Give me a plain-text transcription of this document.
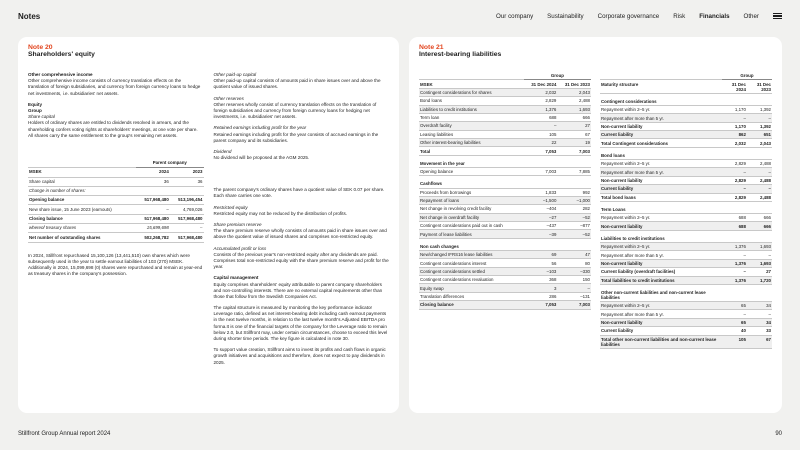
Notes	Our company Sustainability Corporate governance Risk Financials Other
Note 20
Shareholders' equity

Other comprehensive income

Other comprehensive income consists of currency translation effects on the translation of foreign subsidiaries, and currency from foreign currency loans to hedge net investments, i.e. subsidiaries' net assets.

Equity

Group

Share capital

Holders of ordinary shares are entitled to dividends resolved in arrears, and the shareholding confers voting rights at shareholders' meetings, at one vote per share. All shares carry the same entitlement to the group's remaining net assets.

	Parent company	
MSEK	2024	2023
Share capital	36	36
Change in number of shares:		
Opening balance	517,968,480	513,196,454
New share issue, 15 June 2023 (earnouts)	–	4,769,026
Closing balance	517,968,480	517,968,480
whereof treasury shares	15,699,698	–
Net number of outstanding shares	502,268,782	517,968,480

In 2024, Stillfront repurchased 15,100,126 (13,441,510) own shares which were subsequently used in the year to settle earnout liabilities of 103 (270) MSEK. Additionally in 2024, 15,099,698 (0) shares were repurchased and remain at year-end as treasury shares in the company's possession.

Other paid-up capital

Other paid-up capital consists of amounts paid in share issues over and above the quotient value of issued shares.

Other reserves

Other reserves wholly consist of currency translation effects on the translation of foreign subsidiaries and currency from foreign currency loans for hedging net investments, i.e. subsidiaries' net assets.

Retained earnings including profit for the year

Retained earnings including profit for the year consists of accrued earnings in the parent company and its subsidiaries.

Dividend

No dividend will be proposed at the AGM 2025.

The parent company's ordinary shares have a quotient value of SEK 0.07 per share. Each share carries one vote.

Restricted equity

Restricted equity may not be reduced by the distribution of profits.

Share premium reserve

The share premium reserve wholly consists of amounts paid in share issues over and above the quotient value of issued shares and comprises non-restricted equity.

Accumulated profit or loss

Consists of the previous year's non-restricted equity after any dividends are paid. Comprises total non-restricted equity with the share premium reserve and profit for the year.

Capital management

Equity comprises shareholders' equity attributable to parent company shareholders and non-controlling interests. There are no external capital requirements other than those that follow from the Swedish Companies Act.

The capital structure is measured by monitoring the key performance indicator Leverage ratio, defined as net interest-bearing debt including cash earnout payments in the next twelve months, in relation to the last twelve month's Adjusted EBITDA pro forma.It is one of the financial targets of the company for the Leverage ratio to remain below 2.0, but Stillfront may, under certain circumstances, choose to exceed this level during shorter time periods. The key figure is calculated in note 30.

To support value creation, Stillfront aims to invest its profits and cash flows in organic growth initiatives and acquisitions and therefore, does not expect to pay dividends in 2025.

Note 21
Interest-bearing liabilities
	Group	
MSEK	31 Dec 2024	31 Dec 2023
Contingent considerations for shares	2,032	2,043
Bond loans	2,829	2,488
Liabilities to credit institutions	1,376	1,693
Term loan	688	666
Overdraft facility	–	27
Leasing liabilities	105	67
Other interest-bearing liabilities	22	19
Total	7,053	7,003
Movement in the year		
Opening balance	7,003	7,885
Cashflows		
Proceeds from borrowings	1,833	992
Repayment of loans	–1,500	–1,000
Net change in revolving credit facility	–404	282
Net change in overdraft facility	–27	–52
Contingent considerations paid out in cash	–437	–877
Payment of lease liabilities	–39	–52
Non cash changes		
New/changed IFRS16 lease liabilities	69	47
Contingent considerations interest	56	80
Contingent considerations settled	–103	–330
Contingent considerations revaluation	368	150
Equity swap	3	–
Translation differences	286	–131
Closing balance	7,053	7,003
	Group	
Maturity structure	31 Dec 2024	31 Dec 2023
Contingent considerations		
Repayment within 2–5 yr.	1,170	1,392
Repayment after more than 5 yr.	–	–
Non-current liability	1,170	1,392
Current liability	862	651
Total Contingent considerations	2,032	2,043
Bond loans		
Repayment within 2–5 yr.	2,829	2,488
Repayment after more than 5 yr.	–	–
Non-current liability	2,829	2,488
Current liability	–	–
Total bond loans	2,829	2,488
Term Loans		
Repayment within 2–5 yr.	688	666
Non-current liability	688	666
Liabilities to credit institutions		
Repayment within 2–5 yr.	1,376	1,693
Repayment after more than 5 yr.	–	–
Non-current liability	1,376	1,693
Current liability (overdraft facilities)	–	27
Total liabilities to credit institutions	1,376	1,720
Other non-current liabilities and non-current lease liabilities		
Repayment within 2–5 yr.	65	34
Repayment after more than 5 yr.	–	–
Non-current liability	65	34
Current liability	40	33
Total other non-current liabilities and non-current lease liabilities	105	67
Stillfront Group Annual report 2024	90
